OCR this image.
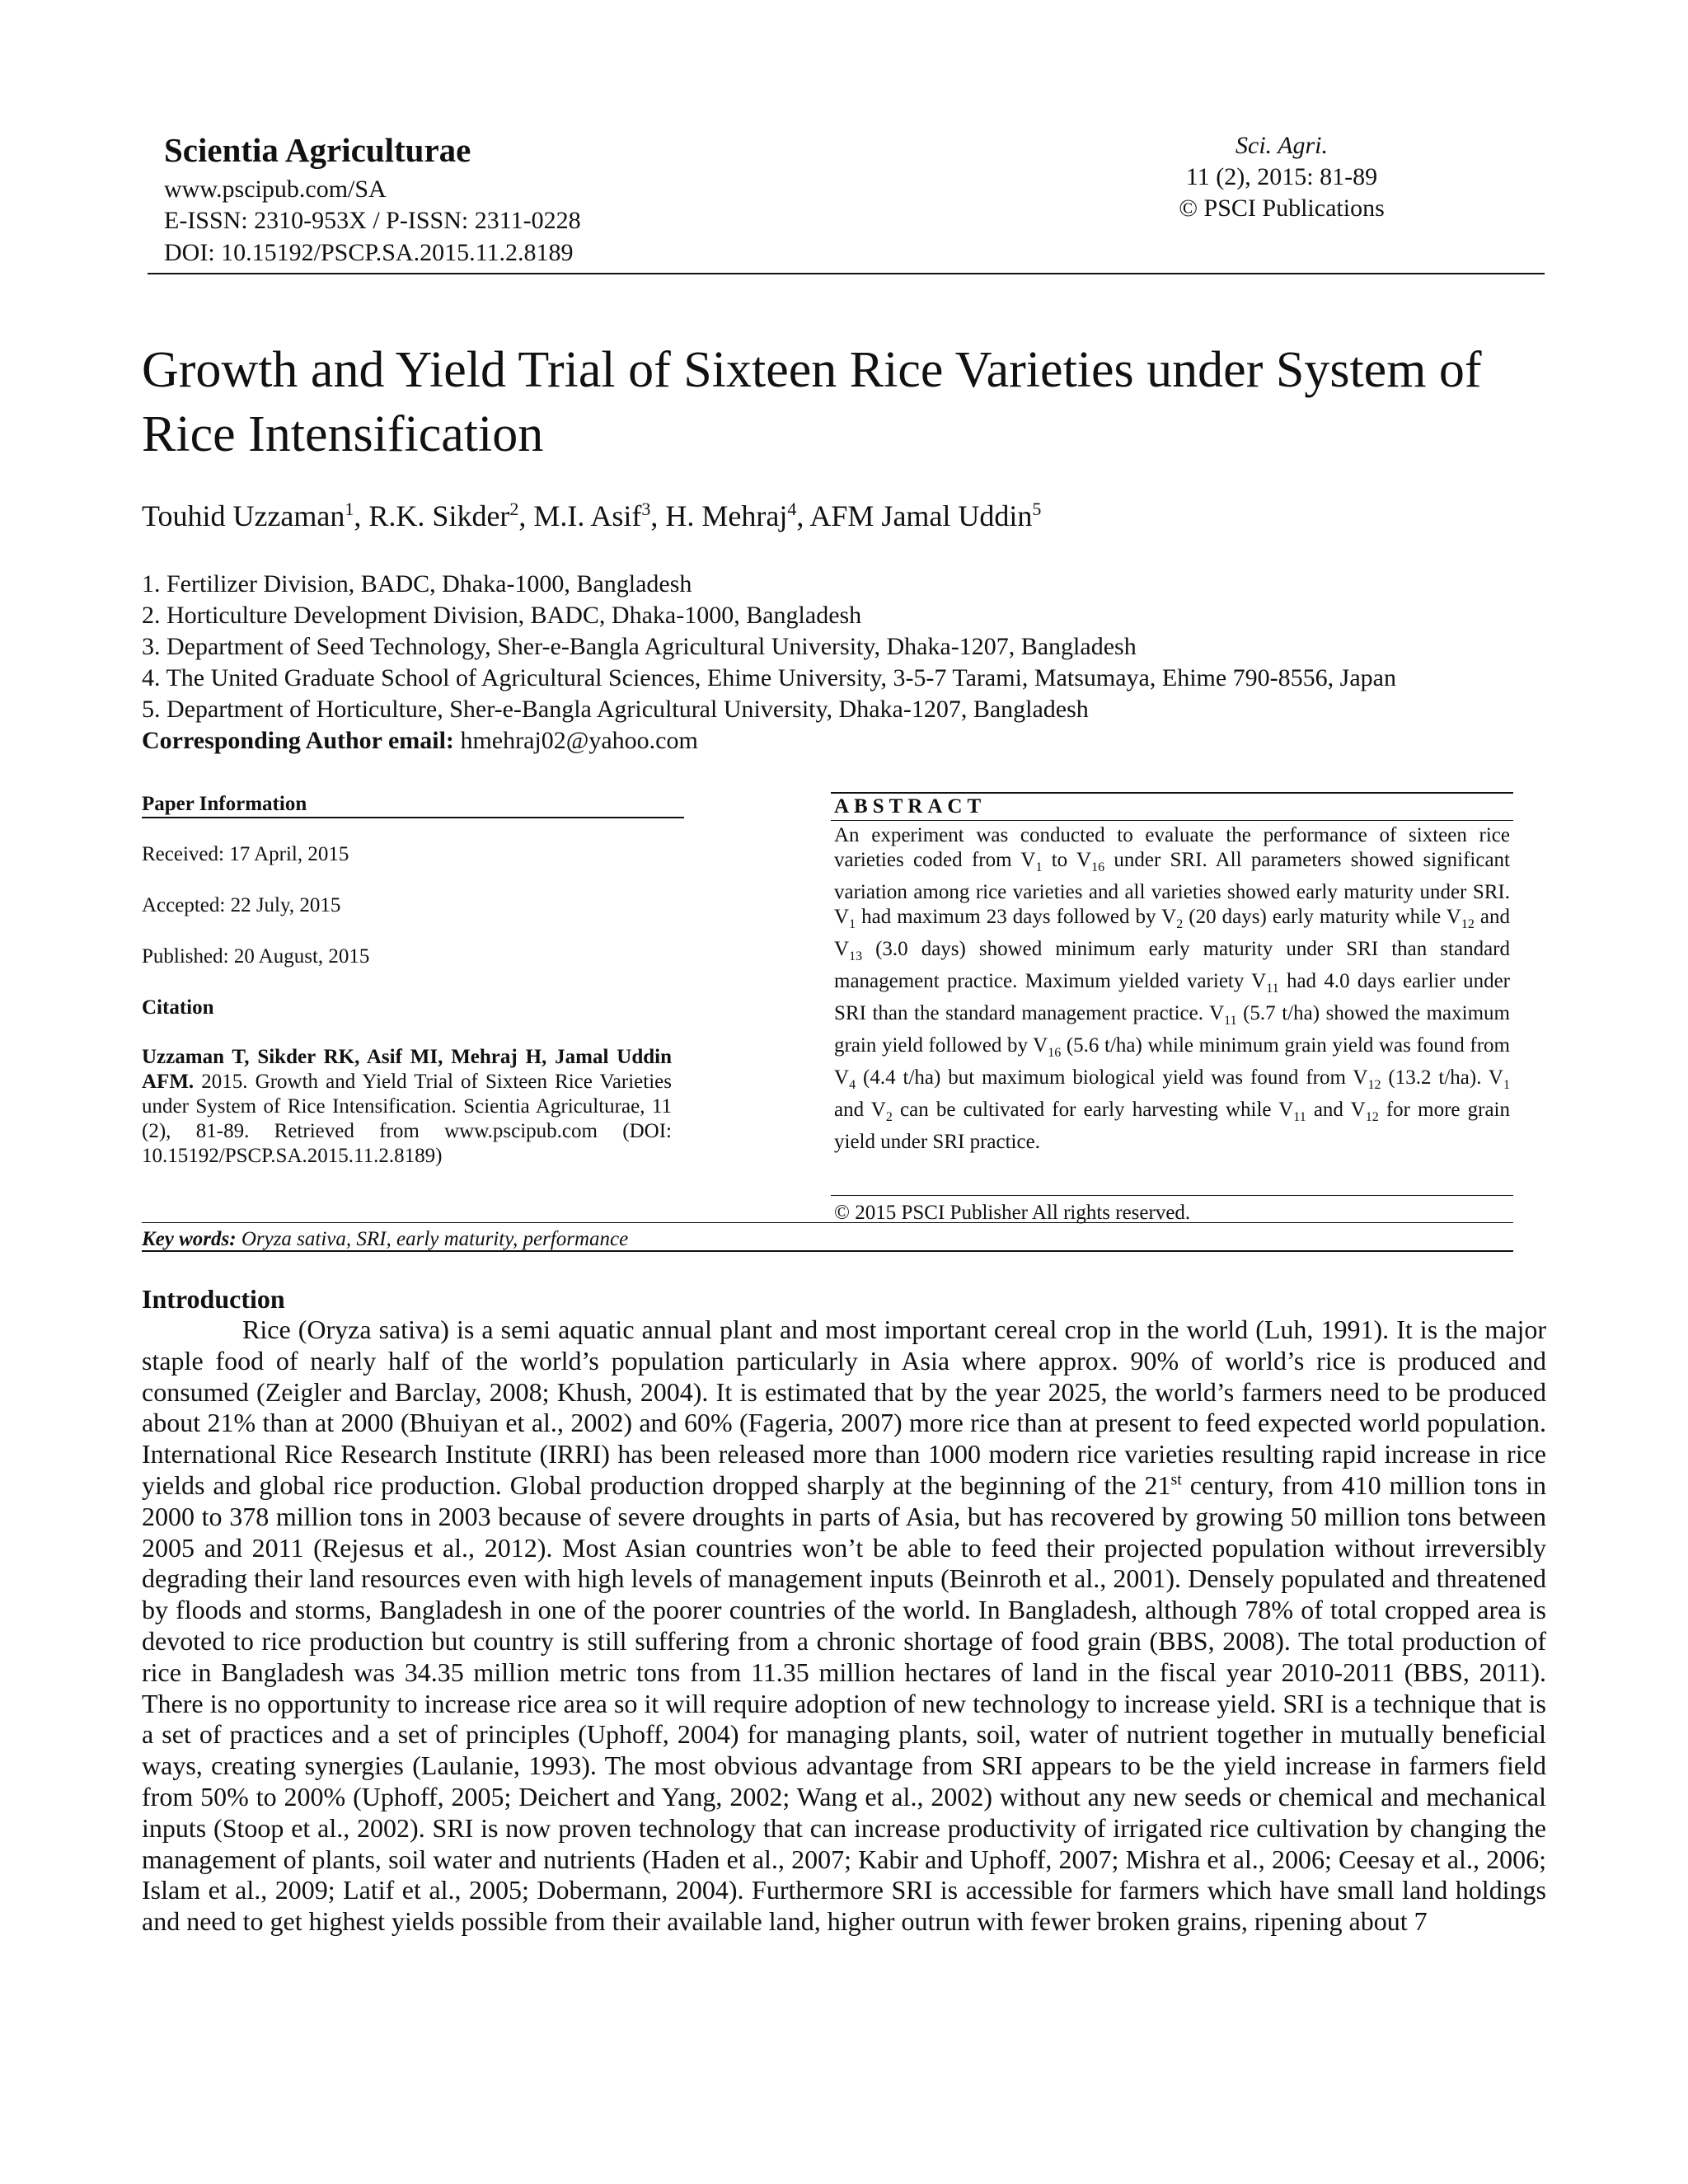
Scientia Agriculturae
www.pscipub.com/SA
E-ISSN: 2310-953X / P-ISSN: 2311-0228
DOI: 10.15192/PSCP.SA.2015.11.2.8189
Sci. Agri.
11 (2), 2015: 81-89
© PSCI Publications
Growth and Yield Trial of Sixteen Rice Varieties under System of Rice Intensification
Touhid Uzzaman$^1$, R.K. Sikder$^2$, M.I. Asif$^3$, H. Mehraj$^4$, AFM Jamal Uddin$^5$
1. Fertilizer Division, BADC, Dhaka-1000, Bangladesh
2. Horticulture Development Division, BADC, Dhaka-1000, Bangladesh
3. Department of Seed Technology, Sher-e-Bangla Agricultural University, Dhaka-1207, Bangladesh
4. The United Graduate School of Agricultural Sciences, Ehime University, 3-5-7 Tarami, Matsumaya, Ehime 790-8556, Japan
5. Department of Horticulture, Sher-e-Bangla Agricultural University, Dhaka-1207, Bangladesh
Corresponding Author email: hmehraj02@yahoo.com
Paper Information
Received: 17 April, 2015
Accepted: 22 July, 2015
Published: 20 August, 2015
Citation
Uzzaman T, Sikder RK, Asif MI, Mehraj H, Jamal Uddin AFM. 2015. Growth and Yield Trial of Sixteen Rice Varieties under System of Rice Intensification. Scientia Agriculturae, 11 (2), 81-89. Retrieved from www.pscipub.com (DOI: 10.15192/PSCP.SA.2015.11.2.8189)
ABSTRACT
An experiment was conducted to evaluate the performance of sixteen rice varieties coded from $V_1$ to $V_{16}$ under SRI. All parameters showed significant variation among rice varieties and all varieties showed early maturity under SRI. $V_1$ had maximum 23 days followed by $V_2$ (20 days) early maturity while $V_{12}$ and $V_{13}$ (3.0 days) showed minimum early maturity under SRI than standard management practice. Maximum yielded variety $V_{11}$ had 4.0 days earlier under SRI than the standard management practice. $V_{11}$ (5.7 t/ha) showed the maximum grain yield followed by $V_{16}$ (5.6 t/ha) while minimum grain yield was found from $V_4$ (4.4 t/ha) but maximum biological yield was found from $V_{12}$ (13.2 t/ha). $V_1$ and $V_2$ can be cultivated for early harvesting while $V_{11}$ and $V_{12}$ for more grain yield under SRI practice.
© 2015 PSCI Publisher All rights reserved.
Key words: Oryza sativa, SRI, early maturity, performance
Introduction

Rice (Oryza sativa) is a semi aquatic annual plant and most important cereal crop in the world (Luh, 1991). It is the major staple food of nearly half of the world’s population particularly in Asia where approx. 90% of world’s rice is produced and consumed (Zeigler and Barclay, 2008; Khush, 2004). It is estimated that by the year 2025, the world’s farmers need to be produced about 21% than at 2000 (Bhuiyan et al., 2002) and 60% (Fageria, 2007) more rice than at present to feed expected world population. International Rice Research Institute (IRRI) has been released more than 1000 modern rice varieties resulting rapid increase in rice yields and global rice production. Global production dropped sharply at the beginning of the 21st century, from 410 million tons in 2000 to 378 million tons in 2003 because of severe droughts in parts of Asia, but has recovered by growing 50 million tons between 2005 and 2011 (Rejesus et al., 2012). Most Asian countries won’t be able to feed their projected population without irreversibly degrading their land resources even with high levels of management inputs (Beinroth et al., 2001). Densely populated and threatened by floods and storms, Bangladesh in one of the poorer countries of the world. In Bangladesh, although 78% of total cropped area is devoted to rice production but country is still suffering from a chronic shortage of food grain (BBS, 2008). The total production of rice in Bangladesh was 34.35 million metric tons from 11.35 million hectares of land in the fiscal year 2010-2011 (BBS, 2011). There is no opportunity to increase rice area so it will require adoption of new technology to increase yield. SRI is a technique that is a set of practices and a set of principles (Uphoff, 2004) for managing plants, soil, water of nutrient together in mutually beneficial ways, creating synergies (Laulanie, 1993). The most obvious advantage from SRI appears to be the yield increase in farmers field from 50% to 200% (Uphoff, 2005; Deichert and Yang, 2002; Wang et al., 2002) without any new seeds or chemical and mechanical inputs (Stoop et al., 2002). SRI is now proven technology that can increase productivity of irrigated rice cultivation by changing the management of plants, soil water and nutrients (Haden et al., 2007; Kabir and Uphoff, 2007; Mishra et al., 2006; Ceesay et al., 2006; Islam et al., 2009; Latif et al., 2005; Dobermann, 2004). Furthermore SRI is accessible for farmers which have small land holdings and need to get highest yields possible from their available land, higher outrun with fewer broken grains, ripening about 7
